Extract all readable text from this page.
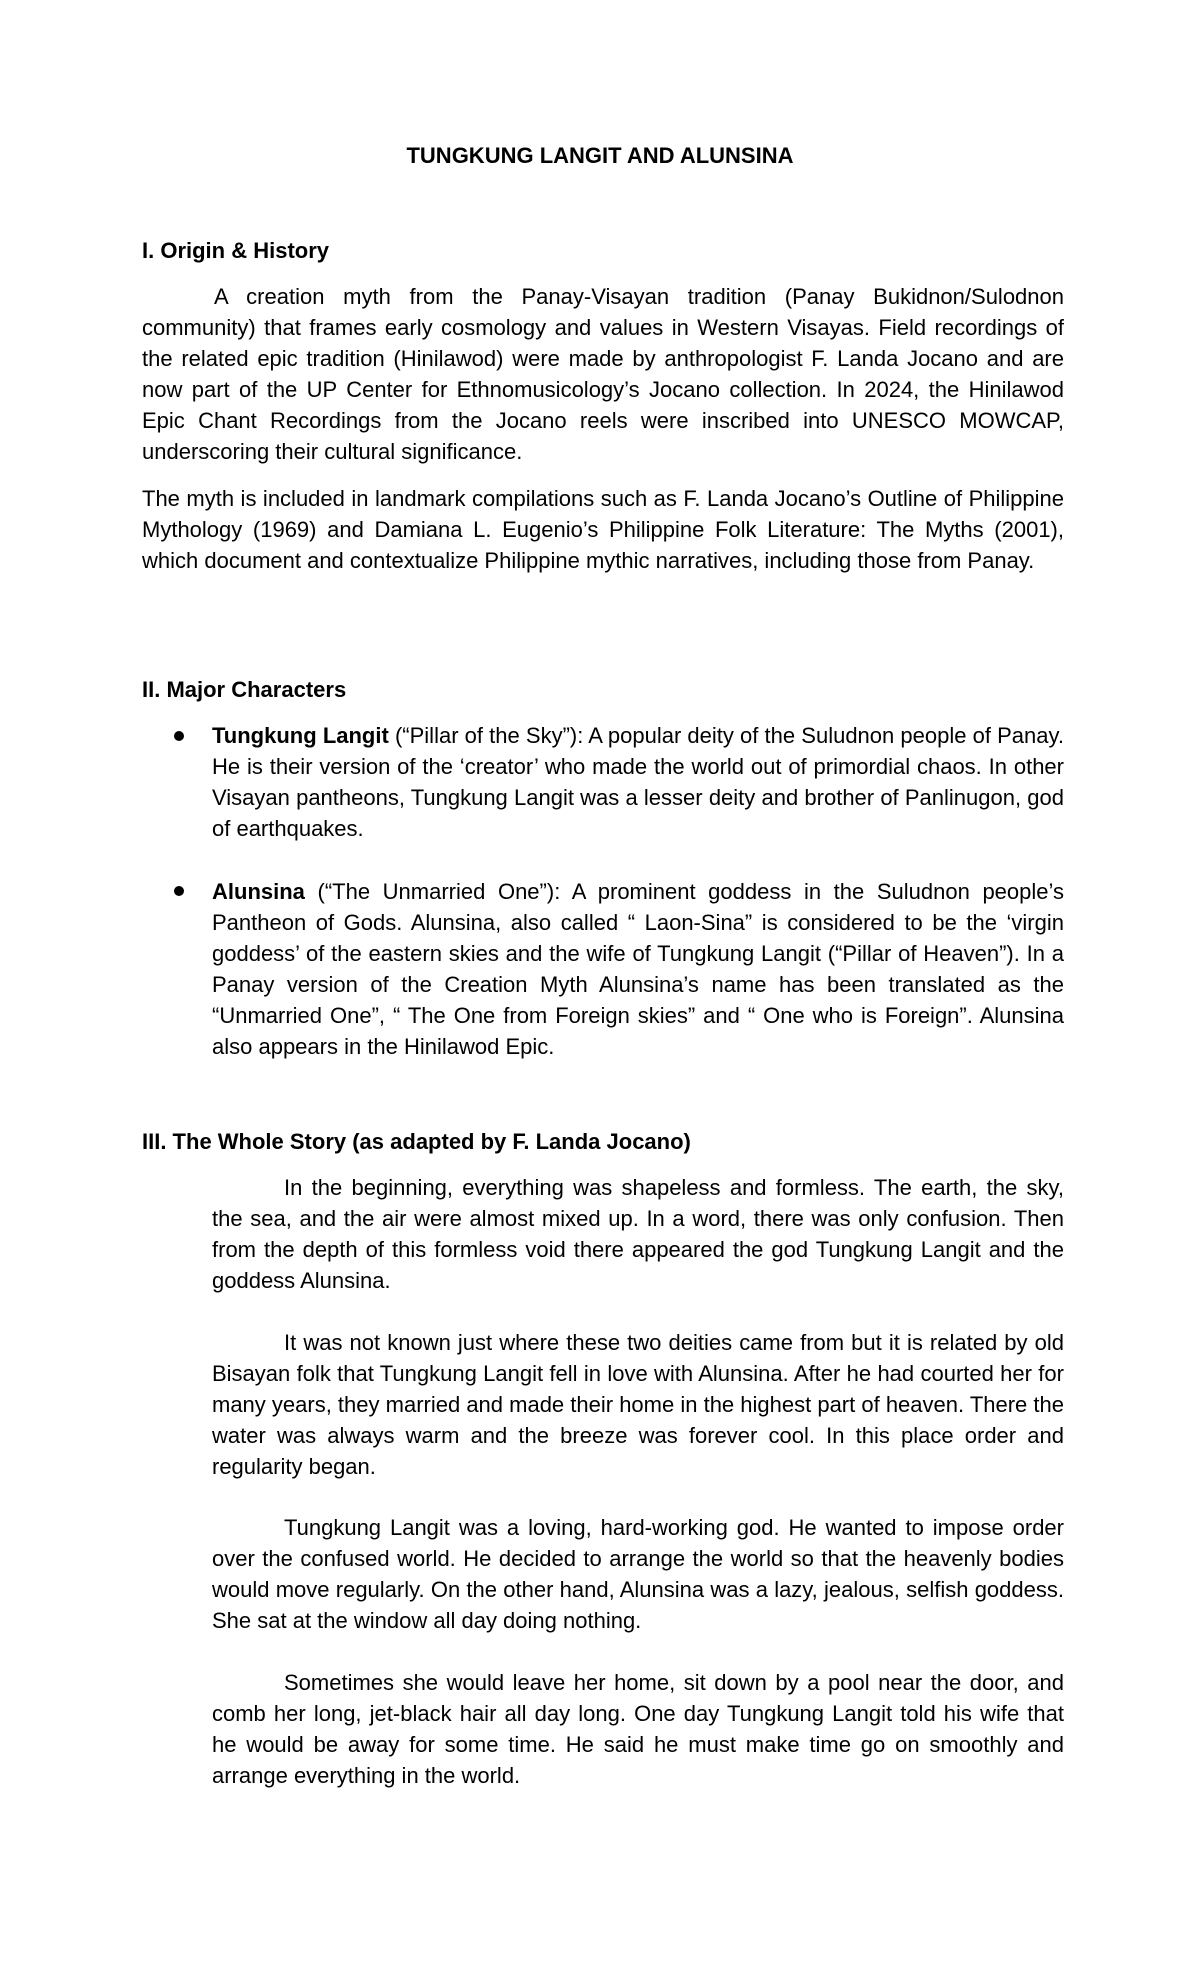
TUNGKUNG LANGIT AND ALUNSINA
I. Origin & History

A creation myth from the Panay-Visayan tradition (Panay Bukidnon/Sulodnon community) that frames early cosmology and values in Western Visayas. Field recordings of the related epic tradition (Hinilawod) were made by anthropologist F. Landa Jocano and are now part of the UP Center for Ethnomusicology’s Jocano collection. In 2024, the Hinilawod Epic Chant Recordings from the Jocano reels were inscribed into UNESCO MOWCAP, underscoring their cultural significance.

The myth is included in landmark compilations such as F. Landa Jocano’s Outline of Philippine Mythology (1969) and Damiana L. Eugenio’s Philippine Folk Literature: The Myths (2001), which document and contextualize Philippine mythic narratives, including those from Panay.

II. Major Characters
Tungkung Langit (“Pillar of the Sky”): A popular deity of the Suludnon people of Panay. He is their version of the ‘creator’ who made the world out of primordial chaos. In other Visayan pantheons, Tungkung Langit was a lesser deity and brother of Panlinugon, god of earthquakes.
Alunsina (“The Unmarried One”): A prominent goddess in the Suludnon people’s Pantheon of Gods. Alunsina, also called “ Laon-Sina” is considered to be the ‘virgin goddess’ of the eastern skies and the wife of Tungkung Langit (“Pillar of Heaven”). In a Panay version of the Creation Myth Alunsina’s name has been translated as the “Unmarried One”, “ The One from Foreign skies” and “ One who is Foreign”. Alunsina also appears in the Hinilawod Epic.
III. The Whole Story (as adapted by F. Landa Jocano)

In the beginning, everything was shapeless and formless. The earth, the sky, the sea, and the air were almost mixed up. In a word, there was only confusion. Then from the depth of this formless void there appeared the god Tungkung Langit and the goddess Alunsina.

It was not known just where these two deities came from but it is related by old Bisayan folk that Tungkung Langit fell in love with Alunsina. After he had courted her for many years, they married and made their home in the highest part of heaven. There the water was always warm and the breeze was forever cool. In this place order and regularity began.

Tungkung Langit was a loving, hard-working god. He wanted to impose order over the confused world. He decided to arrange the world so that the heavenly bodies would move regularly. On the other hand, Alunsina was a lazy, jealous, selfish goddess. She sat at the window all day doing nothing.

Sometimes she would leave her home, sit down by a pool near the door, and comb her long, jet-black hair all day long. One day Tungkung Langit told his wife that he would be away for some time. He said he must make time go on smoothly and arrange everything in the world.
